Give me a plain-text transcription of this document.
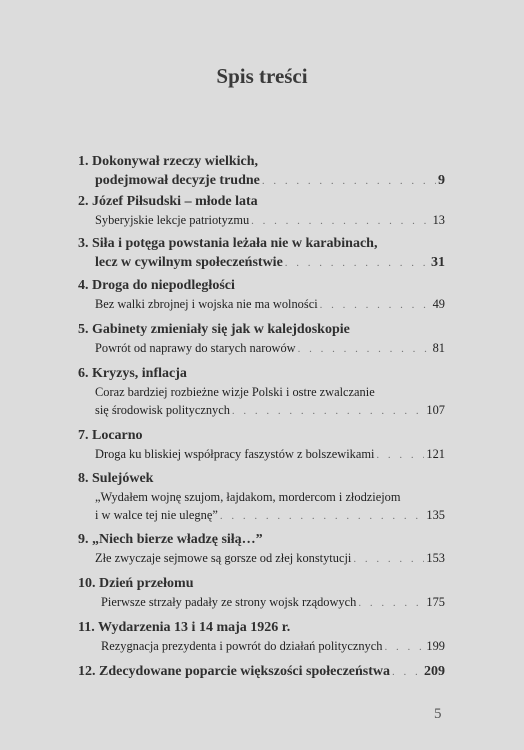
Spis treści
1. Dokonywał rzeczy wielkich,
podejmował decyzje trudne . . .	9
2. Józef Piłsudski – młode lata
Syberyjskie lekcje patriotyzmu . . .	13
3. Siła i potęga powstania leżała nie w karabinach,
lecz w cywilnym społeczeństwie . . .	31
4. Droga do niepodległości
Bez walki zbrojnej i wojska nie ma wolności . . .	49
5. Gabinety zmieniały się jak w kalejdoskopie
Powrót od naprawy do starych narowów . . .	81
6. Kryzys, inflacja
Coraz bardziej rozbieżne wizje Polski i ostre zwalczanie
się środowisk politycznych . . .	107
7. Locarno
Droga ku bliskiej współpracy faszystów z bolszewikami . . .	121
8. Sulejówek
„Wydałem wojnę szujom, łajdakom, mordercom i złodziejom
i w walce tej nie ulegnę” . . .	135
9. „Niech bierze władzę siłą…”
Złe zwyczaje sejmowe są gorsze od złej konstytucji . . .	153
10. Dzień przełomu
Pierwsze strzały padały ze strony wojsk rządowych . . .	175
11. Wydarzenia 13 i 14 maja 1926 r.
Rezygnacja prezydenta i powrót do działań politycznych . . .	199
12. Zdecydowane poparcie większości społeczeństwa . . . 209
5
